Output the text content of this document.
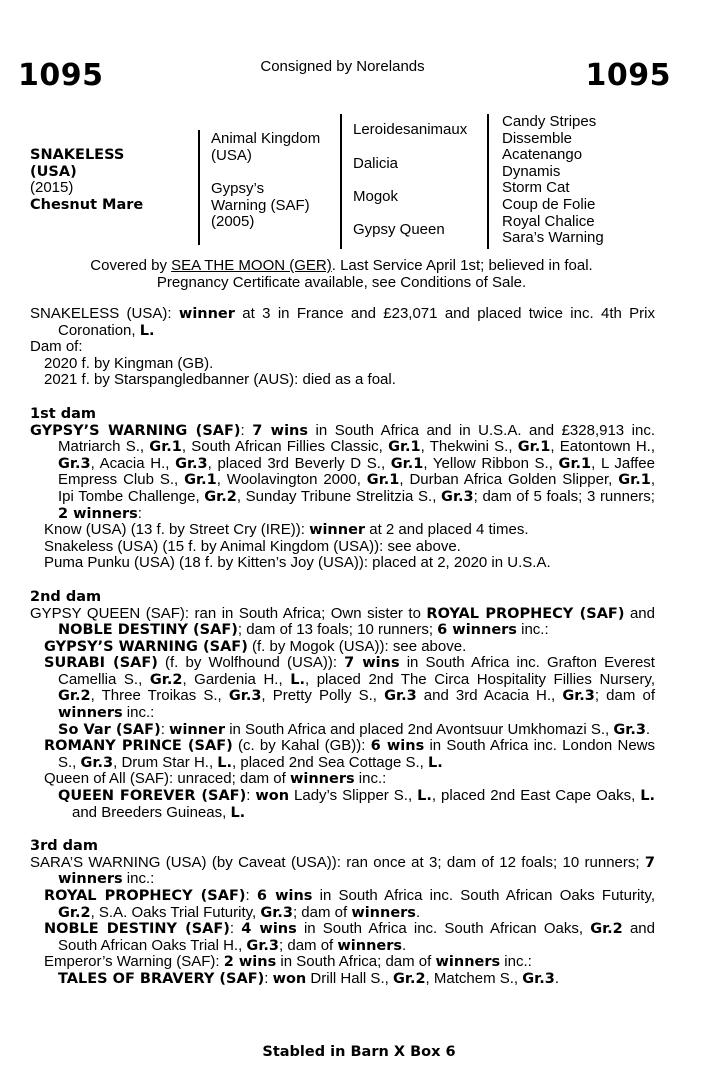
1095	Consigned by Norelands	1095
SNAKELESS
(USA)
(2015)
Chesnut Mare
Animal Kingdom
(USA)
Gypsy’s
Warning (SAF)
(2005)
Leroidesanimaux
Dalicia
Mogok
Gypsy Queen
Candy Stripes
Dissemble
Acatenango
Dynamis
Storm Cat
Coup de Folie
Royal Chalice
Sara’s Warning
Covered by SEA THE MOON (GER). Last Service April 1st; believed in foal.
Pregnancy Certificate available, see Conditions of Sale.

SNAKELESS (USA): winner at 3 in France and £23,071 and placed twice inc. 4th Prix Coronation, L.

Dam of:

2020 f. by Kingman (GB).

2021 f. by Starspangledbanner (AUS): died as a foal.

1st dam

GYPSY’S WARNING (SAF): 7 wins in South Africa and in U.S.A. and £328,913 inc. Matriarch S., Gr.1, South African Fillies Classic, Gr.1, Thekwini S., Gr.1, Eatontown H., Gr.3, Acacia H., Gr.3, placed 3rd Beverly D S., Gr.1, Yellow Ribbon S., Gr.1, L Jaffee Empress Club S., Gr.1, Woolavington 2000, Gr.1, Durban Africa Golden Slipper, Gr.1, Ipi Tombe Challenge, Gr.2, Sunday Tribune Strelitzia S., Gr.3; dam of 5 foals; 3 runners; 2 winners:

Know (USA) (13 f. by Street Cry (IRE)): winner at 2 and placed 4 times.

Snakeless (USA) (15 f. by Animal Kingdom (USA)): see above.

Puma Punku (USA) (18 f. by Kitten’s Joy (USA)): placed at 2, 2020 in U.S.A.

2nd dam

GYPSY QUEEN (SAF): ran in South Africa; Own sister to ROYAL PROPHECY (SAF) and NOBLE DESTINY (SAF); dam of 13 foals; 10 runners; 6 winners inc.:

GYPSY’S WARNING (SAF) (f. by Mogok (USA)): see above.

SURABI (SAF) (f. by Wolfhound (USA)): 7 wins in South Africa inc. Grafton Everest Camellia S., Gr.2, Gardenia H., L., placed 2nd The Circa Hospitality Fillies Nursery, Gr.2, Three Troikas S., Gr.3, Pretty Polly S., Gr.3 and 3rd Acacia H., Gr.3; dam of winners inc.:

So Var (SAF): winner in South Africa and placed 2nd Avontsuur Umkhomazi S., Gr.3.

ROMANY PRINCE (SAF) (c. by Kahal (GB)): 6 wins in South Africa inc. London News S., Gr.3, Drum Star H., L., placed 2nd Sea Cottage S., L.

Queen of All (SAF): unraced; dam of winners inc.:

QUEEN FOREVER (SAF): won Lady’s Slipper S., L., placed 2nd East Cape Oaks, L. and Breeders Guineas, L.

3rd dam

SARA’S WARNING (USA) (by Caveat (USA)): ran once at 3; dam of 12 foals; 10 runners; 7 winners inc.:

ROYAL PROPHECY (SAF): 6 wins in South Africa inc. South African Oaks Futurity, Gr.2, S.A. Oaks Trial Futurity, Gr.3; dam of winners.

NOBLE DESTINY (SAF): 4 wins in South Africa inc. South African Oaks, Gr.2 and South African Oaks Trial H., Gr.3; dam of winners.

Emperor’s Warning (SAF): 2 wins in South Africa; dam of winners inc.:

TALES OF BRAVERY (SAF): won Drill Hall S., Gr.2, Matchem S., Gr.3.

Stabled in Barn X Box 6
